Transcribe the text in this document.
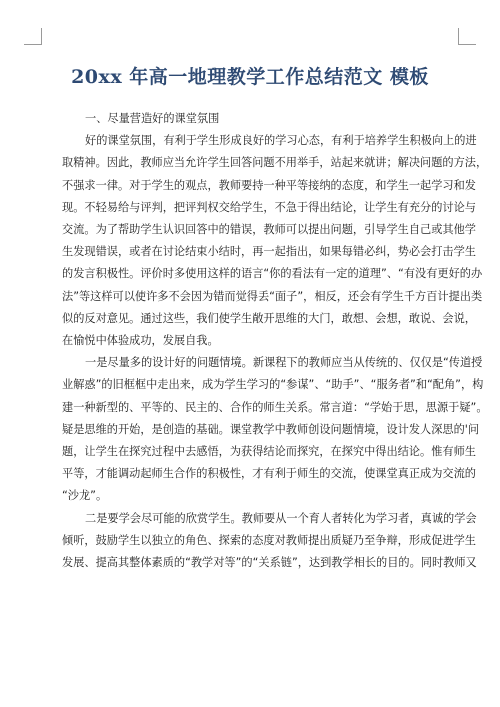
20xx 年高一地理教学工作总结范文 模板

一、尽量营造好的课堂氛围

好的课堂氛围，有利于学生形成良好的学习心态，有利于培养学生积极向上的进

取精神。因此，教师应当允许学生回答问题不用举手，站起来就讲；解决问题的方法，

不强求一律。对于学生的观点，教师要持一种平等接纳的态度，和学生一起学习和发

现。不轻易给与评判，把评判权交给学生，不急于得出结论，让学生有充分的讨论与

交流。为了帮助学生认识回答中的错误，教师可以提出问题，引导学生自己或其他学

生发现错误，或者在讨论结束小结时，再一起指出，如果每错必纠，势必会打击学生

的发言积极性。评价时多使用这样的语言“你的看法有一定的道理”、“有没有更好的办

法”等这样可以使许多不会因为错而觉得丢“面子”，相反，还会有学生千方百计提出类

似的反对意见。通过这些，我们使学生敞开思维的大门，敢想、会想，敢说、会说，

在愉悦中体验成功，发展自我。

一是尽量多的设计好的问题情境。新课程下的教师应当从传统的、仅仅是“传道授

业解惑”的旧框框中走出来，成为学生学习的“参谋”、“助手”、“服务者”和“配角”，构

建一种新型的、平等的、民主的、合作的师生关系。常言道：“学始于思，思源于疑”。

疑是思维的开始，是创造的基础。课堂教学中教师创设问题情境，设计发人深思的'问

题，让学生在探究过程中去感悟，为获得结论而探究，在探究中得出结论。惟有师生

平等，才能调动起师生合作的积极性，才有利于师生的交流，使课堂真正成为交流的

“沙龙”。

二是要学会尽可能的欣赏学生。教师要从一个育人者转化为学习者，真诚的学会

倾听，鼓励学生以独立的角色、探索的态度对教师提出质疑乃至争辩，形成促进学生

发展、提高其整体素质的“教学对等”的“关系链”，达到教学相长的目的。同时教师又
